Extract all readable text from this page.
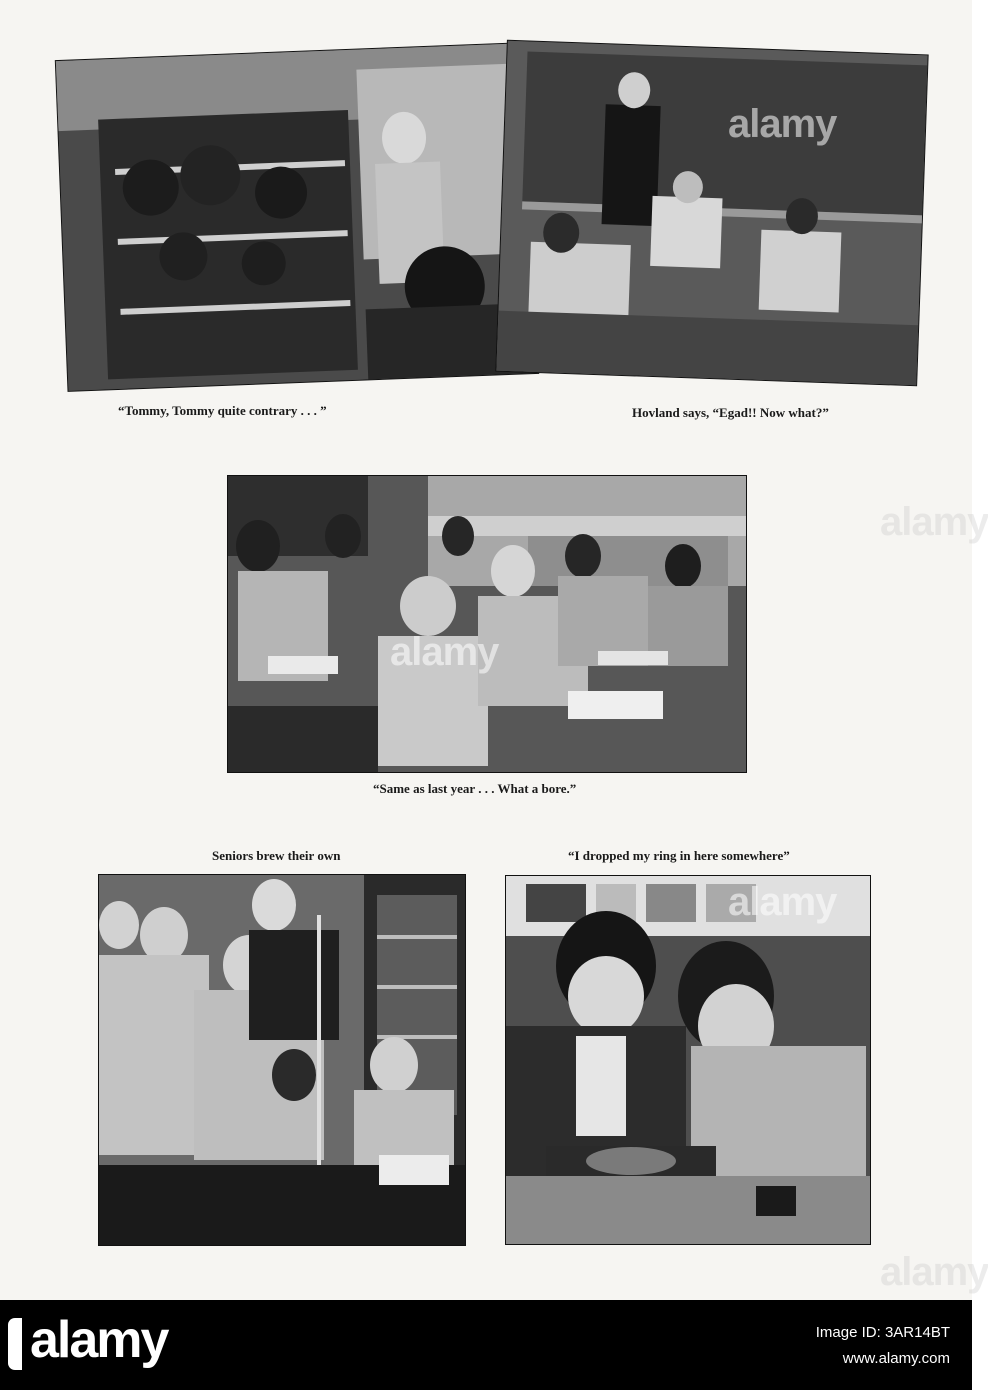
“Tommy, Tommy quite contrary . . . ”	Hovland says, “Egad!! Now what?”
“Same as last year . . . What a bore.”
Seniors brew their own	“I dropped my ring in here somewhere”
alamy
alamy
alamy
alamy
alamy
alamy	Image ID: 3AR14BT
www.alamy.com
